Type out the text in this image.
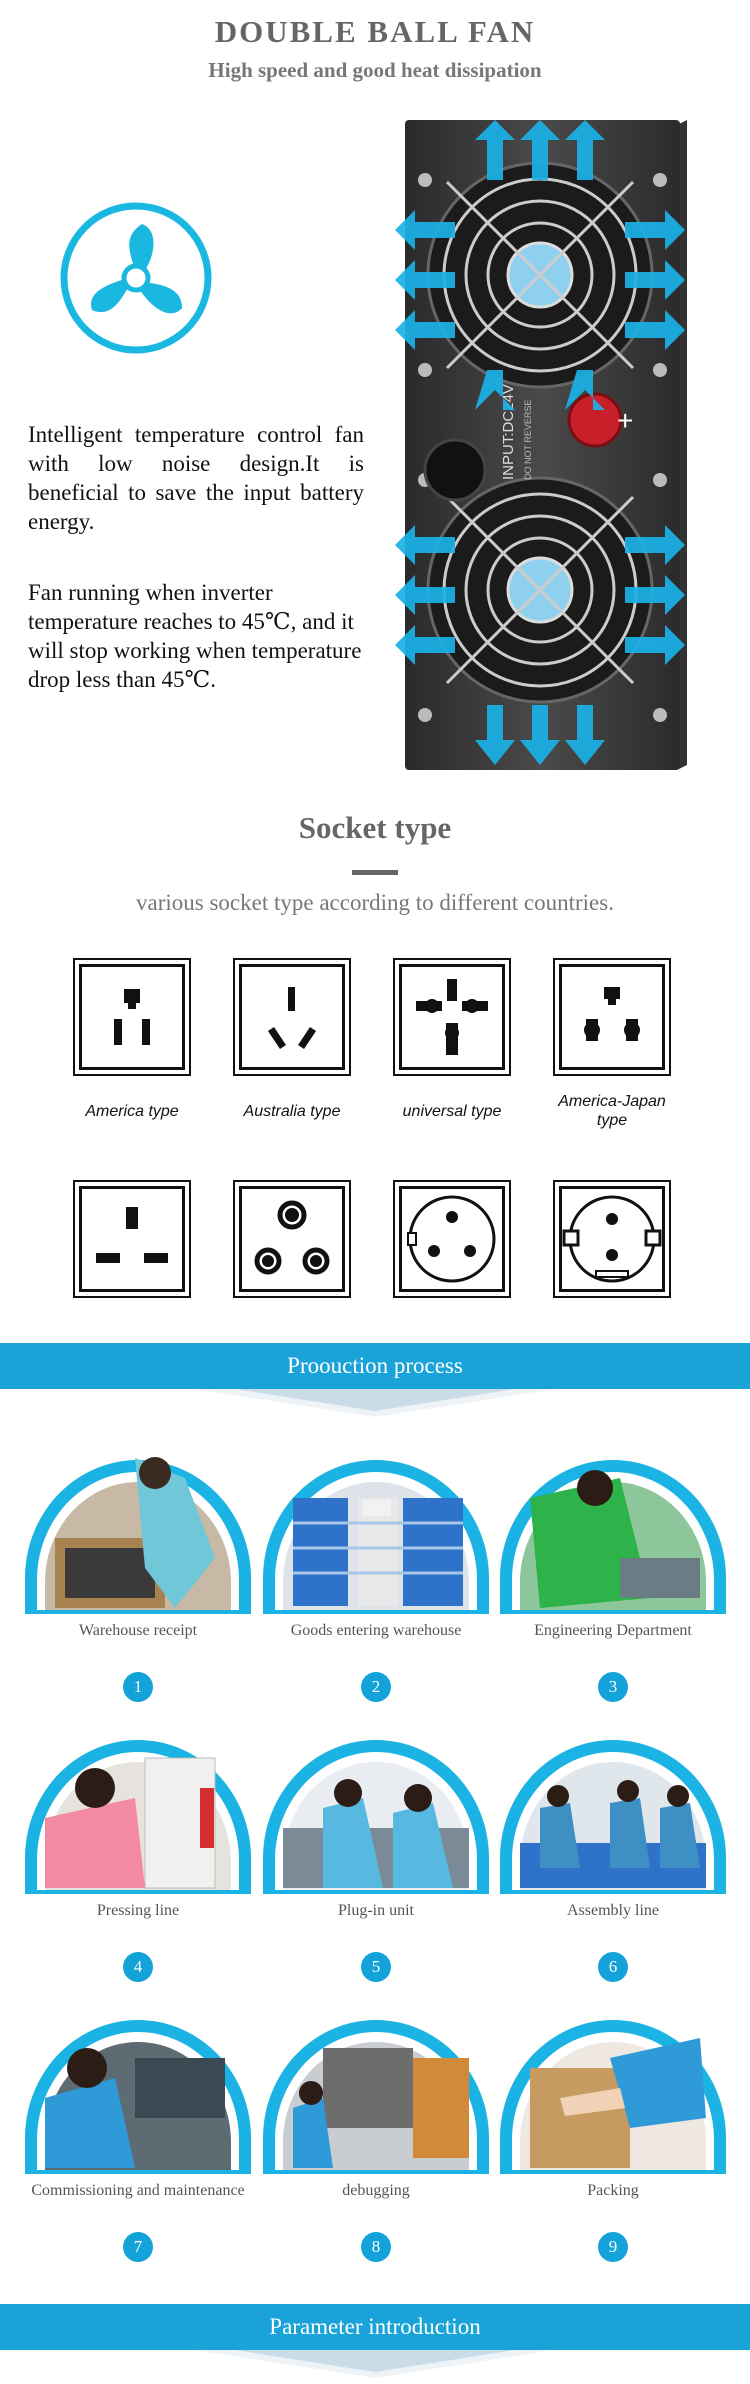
DOUBLE BALL FAN
High speed and good heat dissipation

Intelligent temperature control fan with low noise design.It is beneficial to save the input battery energy.

Fan running when inverter temperature reaches to 45℃, and it will stop working when temperature drop less than 45℃.

+
INPUT:DC24V DO NOT REVERSE
Socket type

various socket type according to different countries.

America type	Australia type	universal type
America-Japan type
Proouction process
Warehouse receipt
1
Goods entering warehouse
2
Engineering Department
3
Pressing line
4
Plug-in unit
5
Assembly line
6
Commissioning and maintenance
7
debugging
8
Packing
9
Parameter introduction
